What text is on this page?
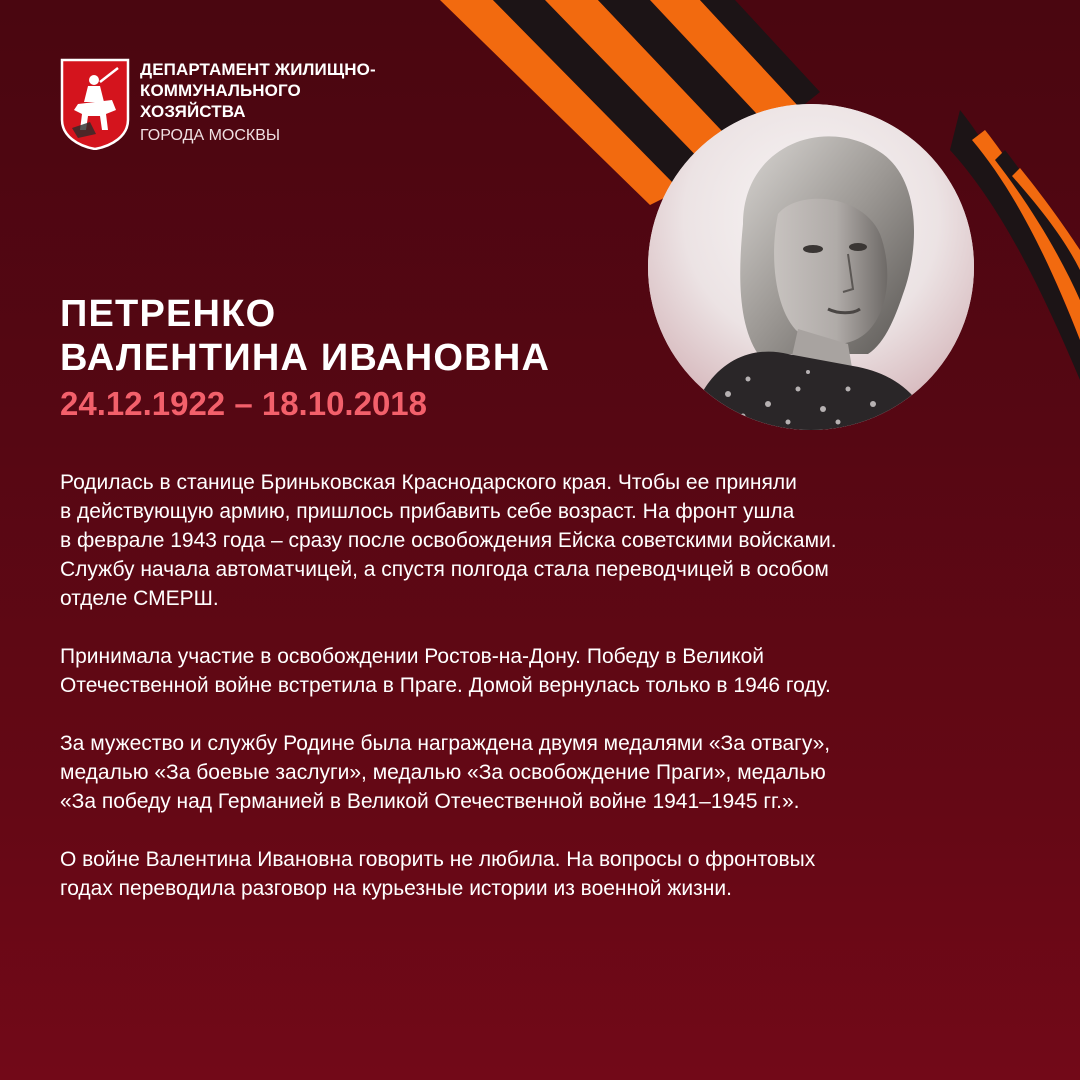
ДЕПАРТАМЕНТ ЖИЛИЩНО-
КОММУНАЛЬНОГО
ХОЗЯЙСТВА
ГОРОДА МОСКВЫ
ПЕТРЕНКО
ВАЛЕНТИНА ИВАНОВНА
24.12.1922 – 18.10.2018
Родилась в станице Бриньковская Краснодарского края. Чтобы ее приняли
в действующую армию, пришлось прибавить себе возраст. На фронт ушла
в феврале 1943 года – сразу после освобождения Ейска советскими войсками.
Службу начала автоматчицей, а спустя полгода стала переводчицей в особом
отделе СМЕРШ.
Принимала участие в освобождении Ростов-на-Дону. Победу в Великой
Отечественной войне встретила в Праге. Домой вернулась только в 1946 году.
За мужество и службу Родине была награждена двумя медалями «За отвагу»,
медалью «За боевые заслуги», медалью «За освобождение Праги», медалью
«За победу над Германией в Великой Отечественной войне 1941–1945 гг.».
О войне Валентина Ивановна говорить не любила. На вопросы о фронтовых
годах переводила разговор на курьезные истории из военной жизни.
